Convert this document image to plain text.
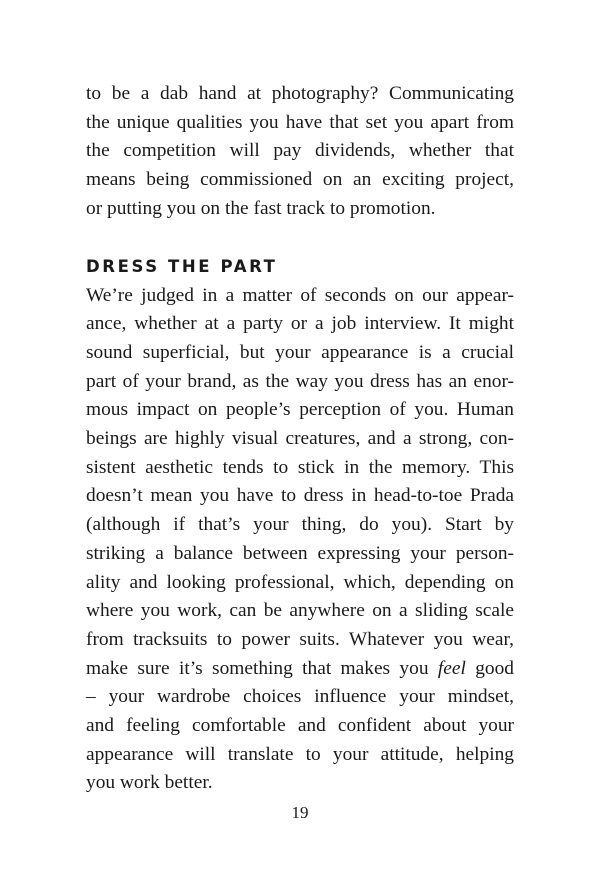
to be a dab hand at photography? Communicating
the unique qualities you have that set you apart from
the competition will pay dividends, whether that
means being commissioned on an exciting project,
or putting you on the fast track to promotion.

DRESS THE PART

We’re judged in a matter of seconds on our appear-
ance, whether at a party or a job interview. It might
sound superficial, but your appearance is a crucial
part of your brand, as the way you dress has an enor-
mous impact on people’s perception of you. Human
beings are highly visual creatures, and a strong, con-
sistent aesthetic tends to stick in the memory. This
doesn’t mean you have to dress in head-to-toe Prada
(although if that’s your thing, do you). Start by
striking a balance between expressing your person-
ality and looking professional, which, depending on
where you work, can be anywhere on a sliding scale
from tracksuits to power suits. Whatever you wear,
make sure it’s something that makes you feel good
– your wardrobe choices influence your mindset,
and feeling comfortable and confident about your
appearance will translate to your attitude, helping
you work better.

19
